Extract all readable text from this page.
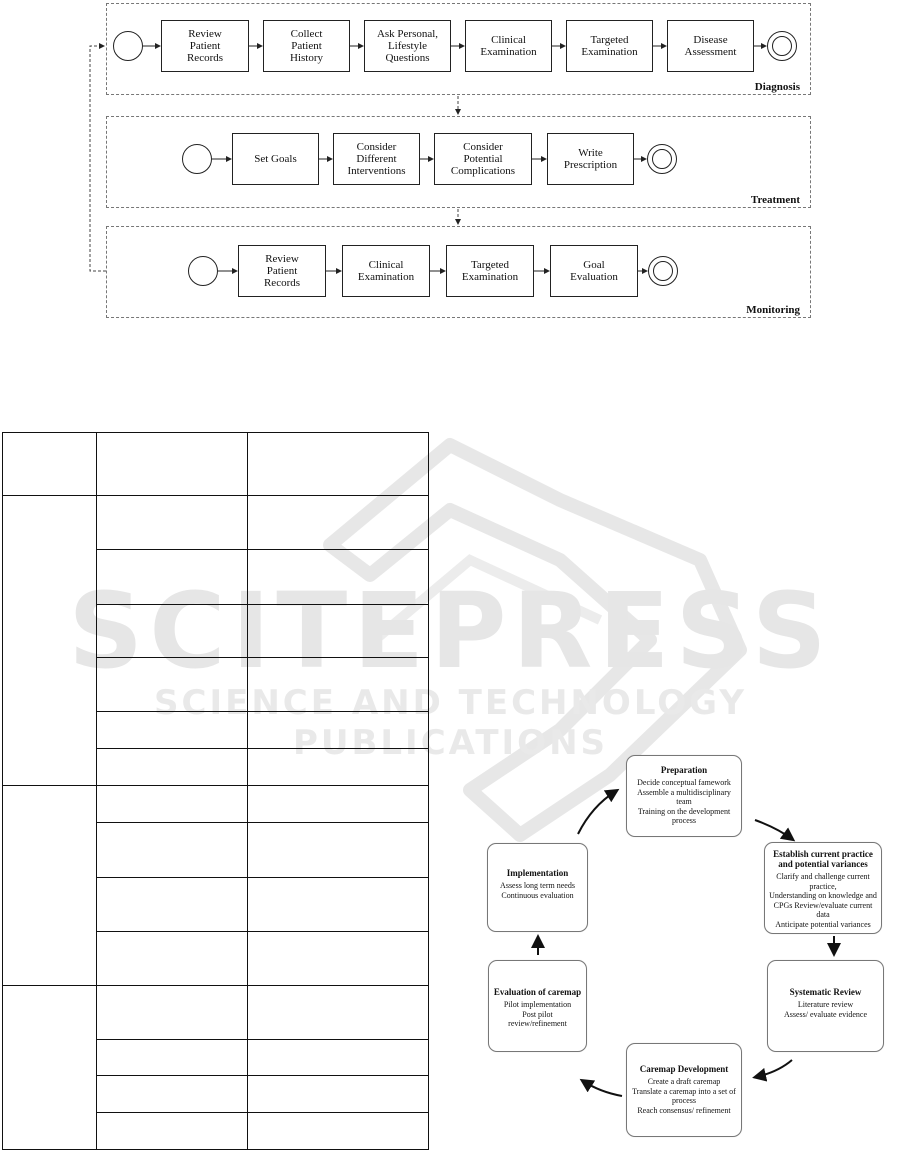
SCITEPRESS
SCIENCE AND TECHNOLOGY PUBLICATIONS
Diagnosis
Review
Patient
Records
Collect
Patient
History
Ask Personal,
Lifestyle
Questions
Clinical
Examination
Targeted
Examination
Disease
Assessment
Treatment
Set Goals
Consider
Different
Interventions
Consider
Potential
Complications
Write
Prescription
Monitoring
Review
Patient
Records
Clinical
Examination
Targeted
Examination
Goal
Evaluation

Preparation
Decide conceptual famework
Assemble a multidisciplinary team
Training on the development process
Establish current practice and potential variances
Clarify and challenge current practice,
Understanding on knowledge and CPGs Review/evaluate current data
Anticipate potential variances
Systematic Review
Literature review
Assess/ evaluate evidence
Caremap Development
Create a draft caremap
Translate a caremap into a set of process
Reach consensus/ refinement
Evaluation of caremap
Pilot implementation
Post pilot review/refinement
Implementation
Assess long term needs
Continuous evaluation
